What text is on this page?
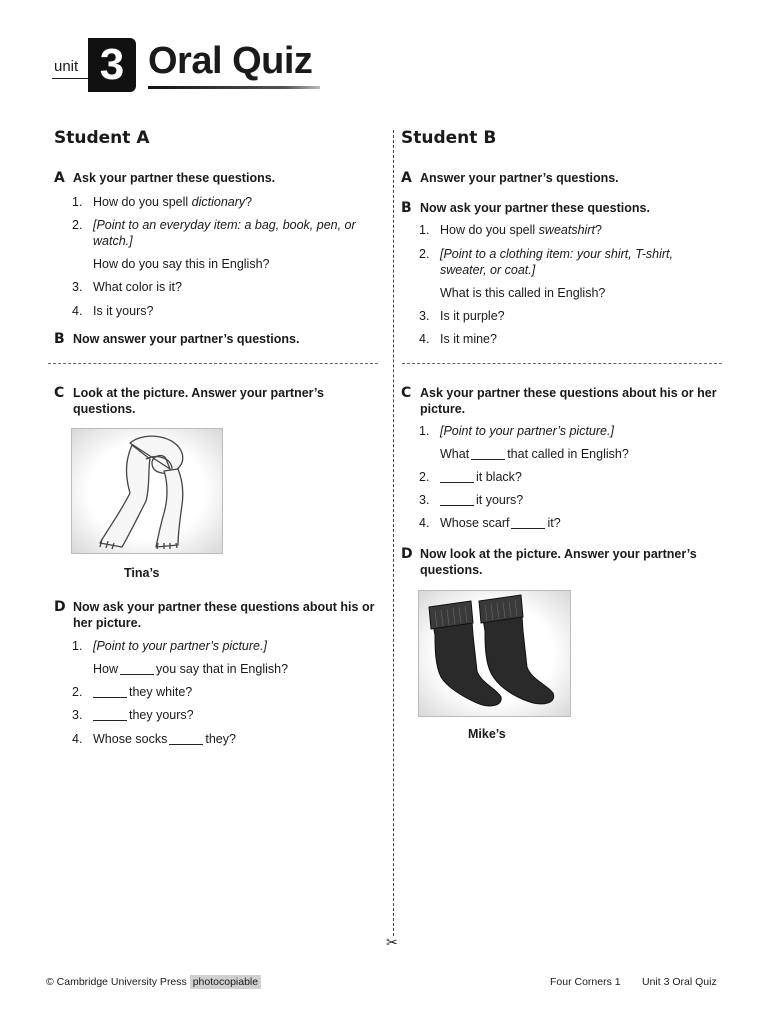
unit 3 Oral Quiz
✂
Student A
A Ask your partner these questions.
1. How do you spell dictionary?
2. [Point to an everyday item: a bag, book, pen, or watch.]
How do you say this in English?
3. What color is it?
4. Is it yours?
B Now answer your partner’s questions.
C Look at the picture. Answer your partner’s questions.
Tina’s
D Now ask your partner these questions about his or her picture.
1. [Point to your partner’s picture.]
How	you say that in English?
2.	they white?
3.	they yours?
4. Whose socks	they?
Student B
A Answer your partner’s questions.
B Now ask your partner these questions.
1. How do you spell sweatshirt?
2. [Point to a clothing item: your shirt, T-shirt, sweater, or coat.]
What is this called in English?
3. Is it purple?
4. Is it mine?
C Ask your partner these questions about his or her picture.
1. [Point to your partner’s picture.]
What	that called in English?
2.	it black?
3.	it yours?
4. Whose scarf	it?
D Now look at the picture. Answer your partner’s questions.
Mike’s
© Cambridge University Press photocopiable	Four Corners 1 Unit 3 Oral Quiz
